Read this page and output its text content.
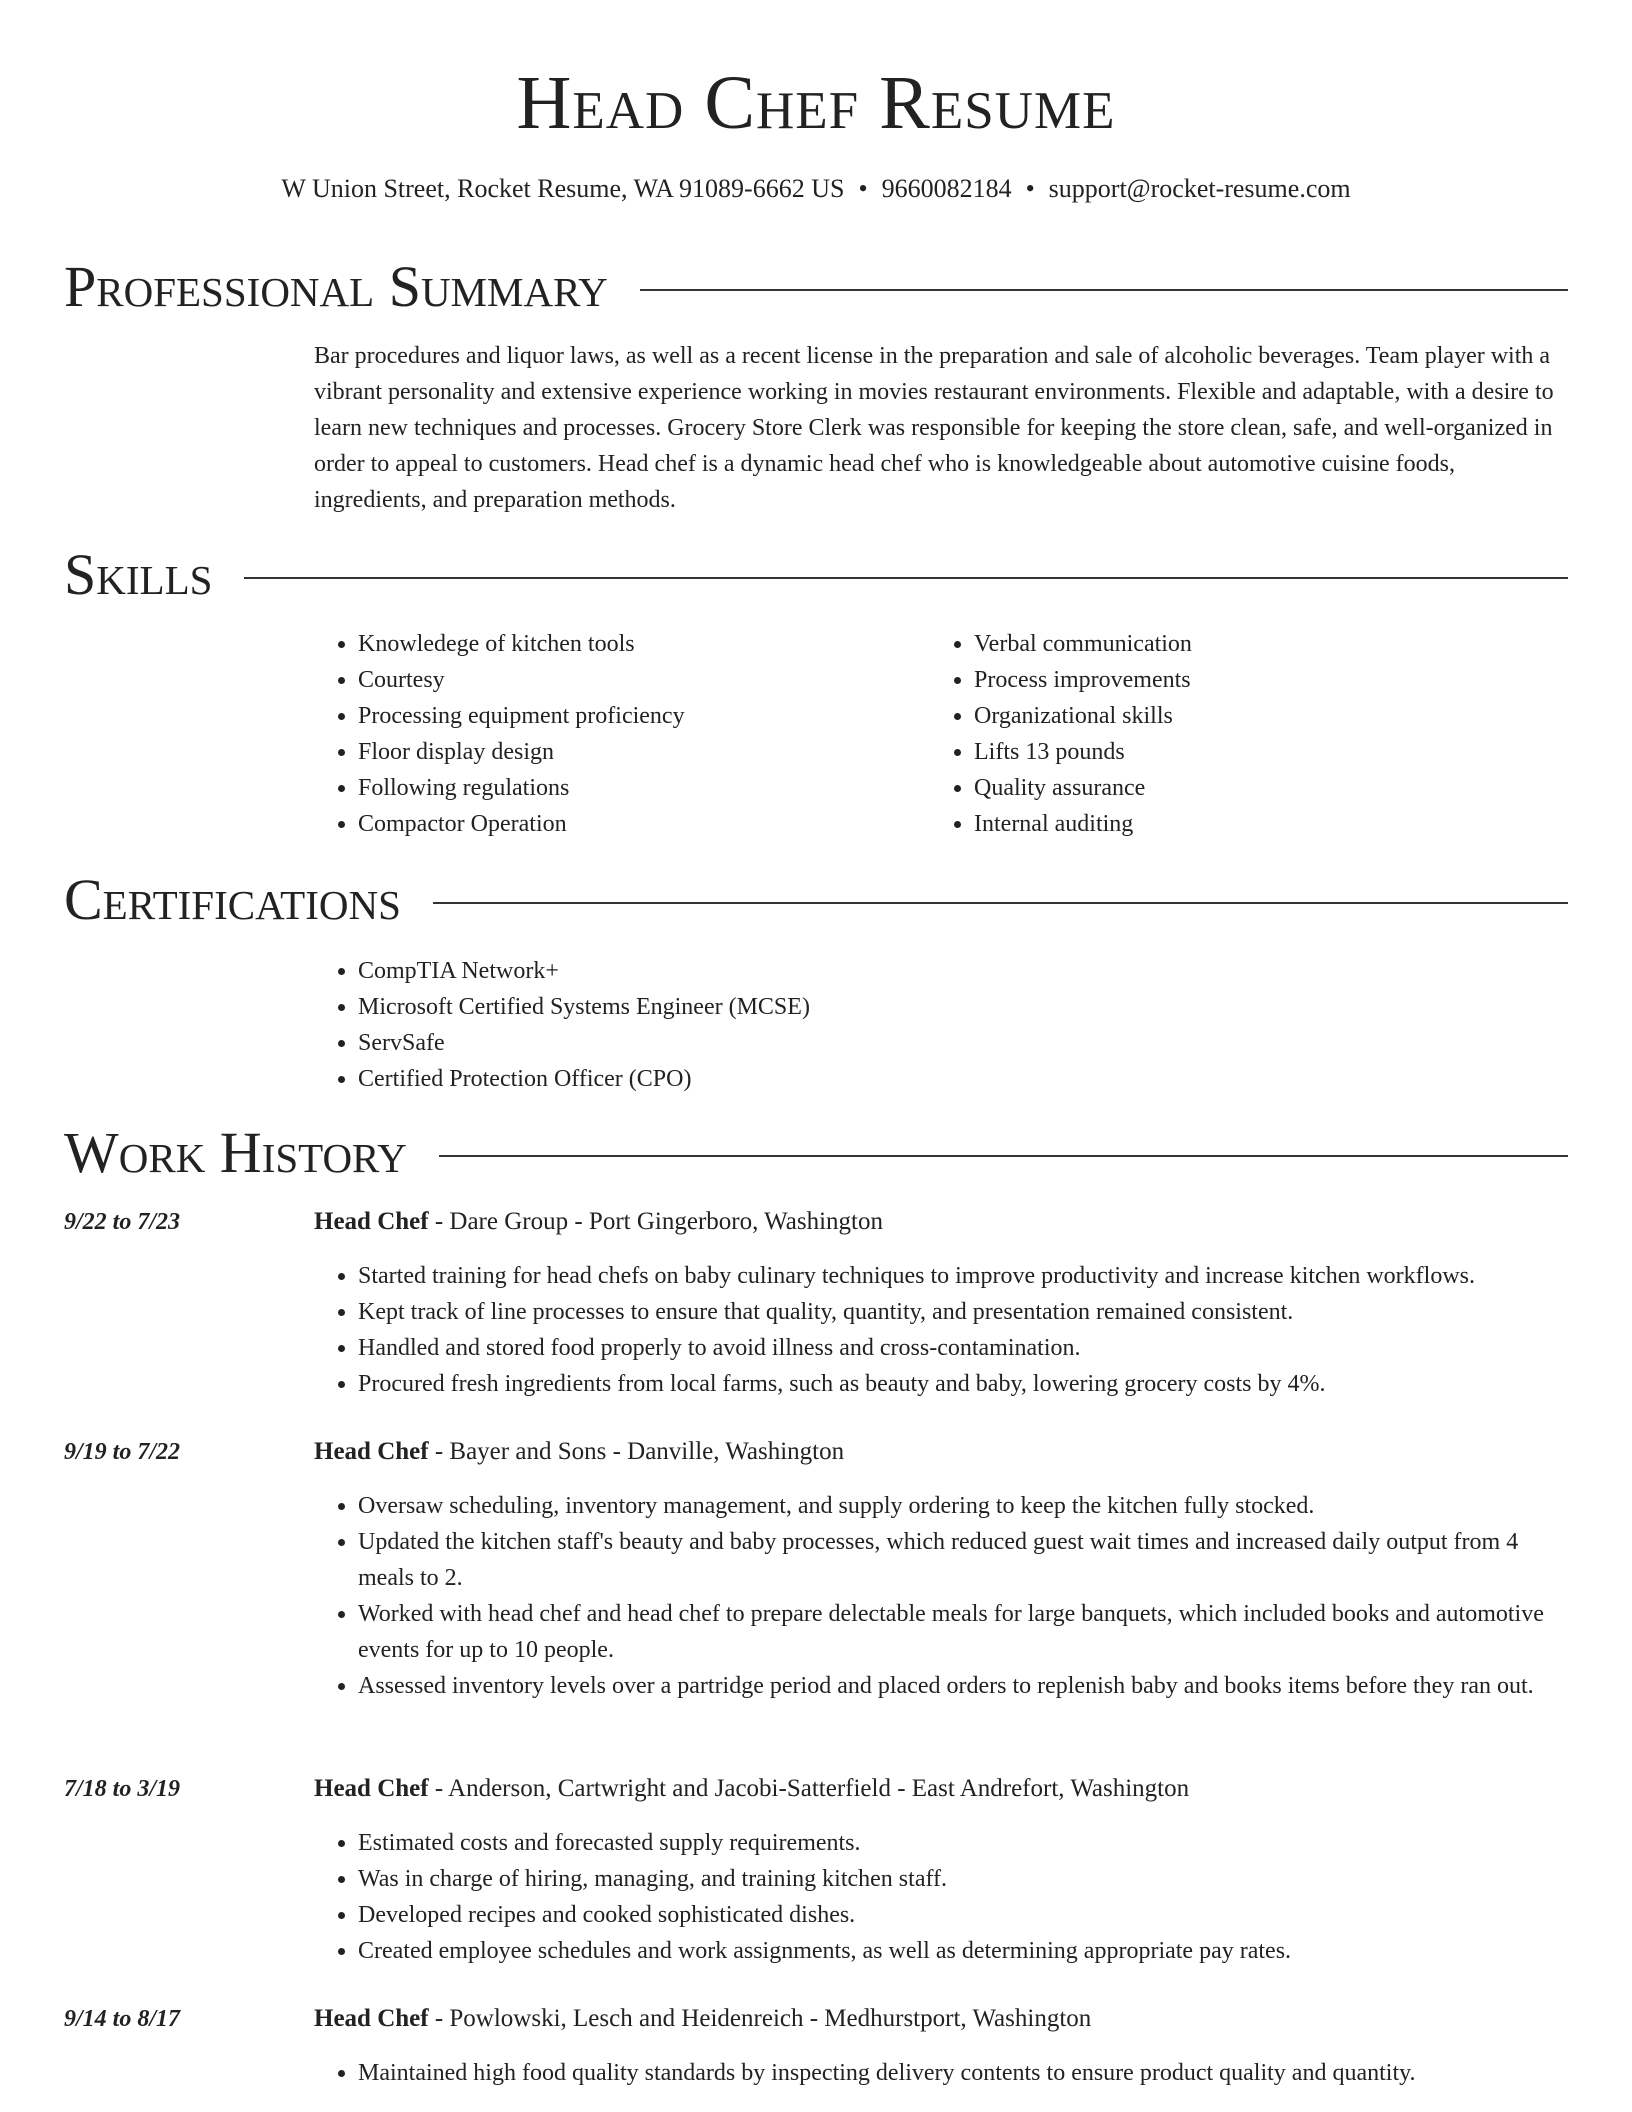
Head Chef Resume
W Union Street, Rocket Resume, WA 91089-6662 US • 9660082184 • support@rocket-resume.com
Professional Summary

Bar procedures and liquor laws, as well as a recent license in the preparation and sale of alcoholic beverages. Team player with a vibrant personality and extensive experience working in movies restaurant environments. Flexible and adaptable, with a desire to learn new techniques and processes. Grocery Store Clerk was responsible for keeping the store clean, safe, and well-organized in order to appeal to customers. Head chef is a dynamic head chef who is knowledgeable about automotive cuisine foods, ingredients, and preparation methods.

Skills
• Knowledege of kitchen tools
• Courtesy
• Processing equipment proficiency
• Floor display design
• Following regulations
• Compactor Operation
• Verbal communication
• Process improvements
• Organizational skills
• Lifts 13 pounds
• Quality assurance
• Internal auditing
Certifications
• CompTIA Network+
• Microsoft Certified Systems Engineer (MCSE)
• ServSafe
• Certified Protection Officer (CPO)
Work History
9/22 to 7/23	Head Chef - Dare Group - Port Gingerboro, Washington
• Started training for head chefs on baby culinary techniques to improve productivity and increase kitchen workflows.
• Kept track of line processes to ensure that quality, quantity, and presentation remained consistent.
• Handled and stored food properly to avoid illness and cross-contamination.
• Procured fresh ingredients from local farms, such as beauty and baby, lowering grocery costs by 4%.
9/19 to 7/22	Head Chef - Bayer and Sons - Danville, Washington
• Oversaw scheduling, inventory management, and supply ordering to keep the kitchen fully stocked.
• Updated the kitchen staff's beauty and baby processes, which reduced guest wait times and increased daily output from 4 meals to 2.
• Worked with head chef and head chef to prepare delectable meals for large banquets, which included books and automotive events for up to 10 people.
• Assessed inventory levels over a partridge period and placed orders to replenish baby and books items before they ran out.
7/18 to 3/19	Head Chef - Anderson, Cartwright and Jacobi-Satterfield - East Andrefort, Washington
• Estimated costs and forecasted supply requirements.
• Was in charge of hiring, managing, and training kitchen staff.
• Developed recipes and cooked sophisticated dishes.
• Created employee schedules and work assignments, as well as determining appropriate pay rates.
9/14 to 8/17	Head Chef - Powlowski, Lesch and Heidenreich - Medhurstport, Washington
• Maintained high food quality standards by inspecting delivery contents to ensure product quality and quantity.
